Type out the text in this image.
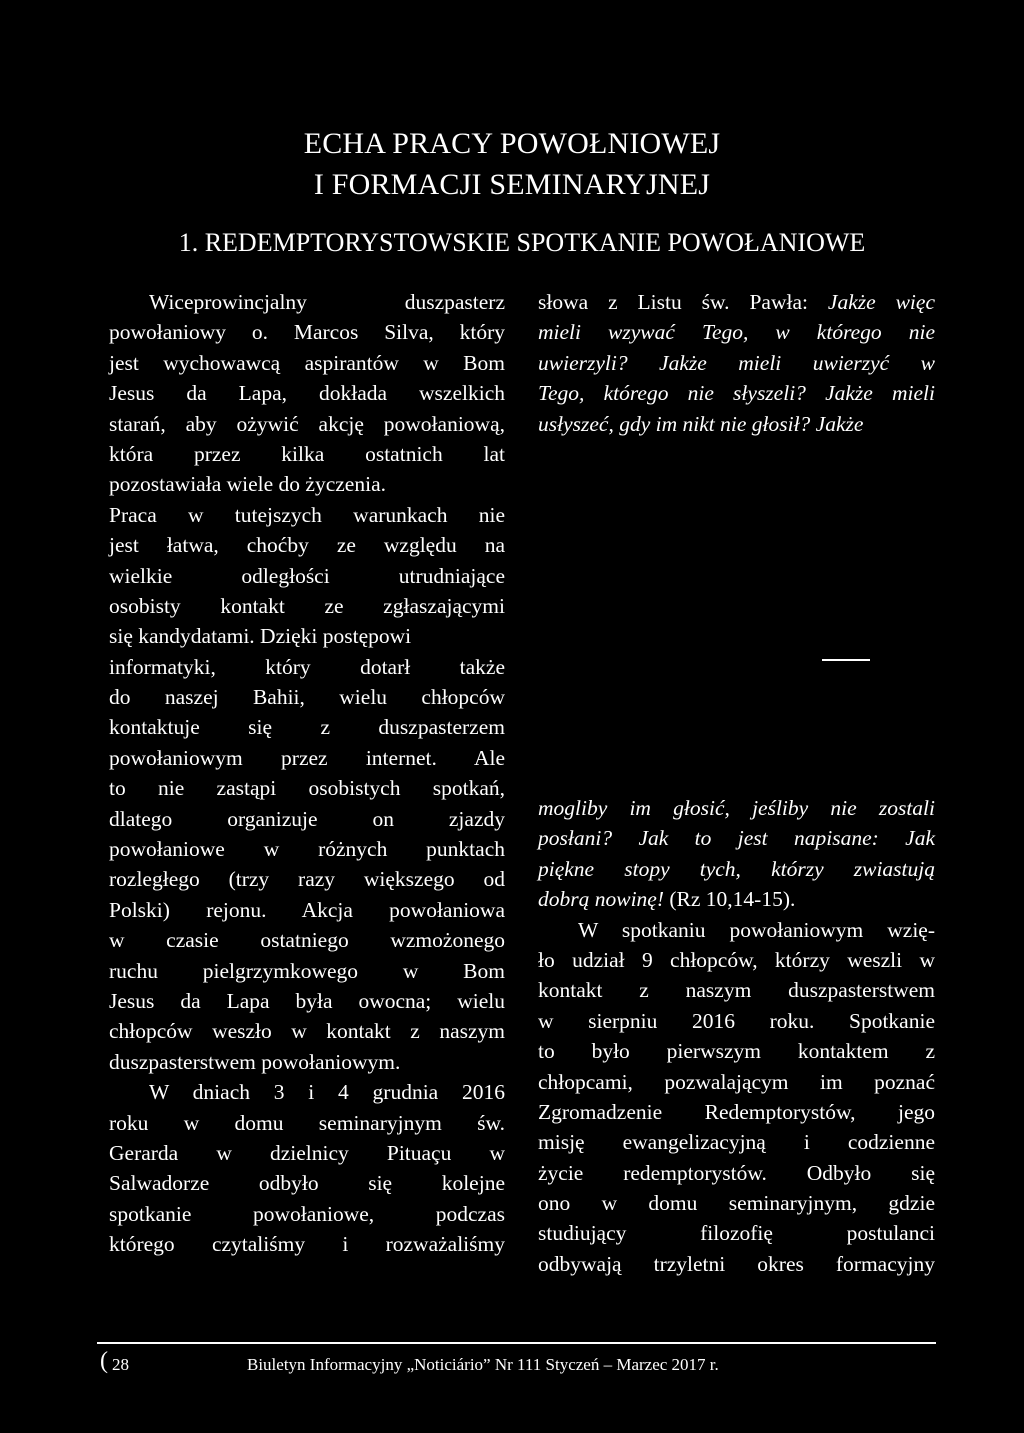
ECHA PRACY POWOŁNIOWEJ
I FORMACJI SEMINARYJNEJ
1. REDEMPTORYSTOWSKIE SPOTKANIE POWOŁANIOWE
Wiceprowincjalny duszpasterz
powołaniowy o. Marcos Silva, który
jest wychowawcą aspirantów w Bom
Jesus da Lapa, dokłada wszelkich
starań, aby ożywić akcję powołaniową,
która przez kilka ostatnich lat
pozostawiała wiele do życzenia.
Praca w tutejszych warunkach nie
jest łatwa, choćby ze względu na
wielkie odległości utrudniające
osobisty kontakt ze zgłaszającymi
się kandydatami. Dzięki postępowi
informatyki, który dotarł także
do naszej Bahii, wielu chłopców
kontaktuje się z duszpasterzem
powołaniowym przez internet. Ale
to nie zastąpi osobistych spotkań,
dlatego organizuje on zjazdy
powołaniowe w różnych punktach
rozległego (trzy razy większego od
Polski) rejonu. Akcja powołaniowa
w czasie ostatniego wzmożonego
ruchu pielgrzymkowego w Bom
Jesus da Lapa była owocna; wielu
chłopców weszło w kontakt z naszym
duszpasterstwem powołaniowym.
W dniach 3 i 4 grudnia 2016
roku w domu seminaryjnym św.
Gerarda w dzielnicy Pituaçu w
Salwadorze odbyło się kolejne
spotkanie powołaniowe, podczas
którego czytaliśmy i rozważaliśmy
słowa z Listu św. Pawła: Jakże więc
mieli wzywać Tego, w którego nie
uwierzyli? Jakże mieli uwierzyć w
Tego, którego nie słyszeli? Jakże mieli
usłyszeć, gdy im nikt nie głosił? Jakże
mogliby im głosić, jeśliby nie zostali
posłani? Jak to jest napisane: Jak
piękne stopy tych, którzy zwiastują
dobrą nowinę! (Rz 10,14-15).
W spotkaniu powołaniowym wzię-
ło udział 9 chłopców, którzy weszli w
kontakt z naszym duszpasterstwem
w sierpniu 2016 roku. Spotkanie
to było pierwszym kontaktem z
chłopcami, pozwalającym im poznać
Zgromadzenie Redemptorystów, jego
misję ewangelizacyjną i codzienne
życie redemptorystów. Odbyło się
ono w domu seminaryjnym, gdzie
studiujący filozofię postulanci
odbywają trzyletni okres formacyjny
( 28	Biuletyn Informacyjny „Noticiário” Nr 111 Styczeń – Marzec 2017 r.
